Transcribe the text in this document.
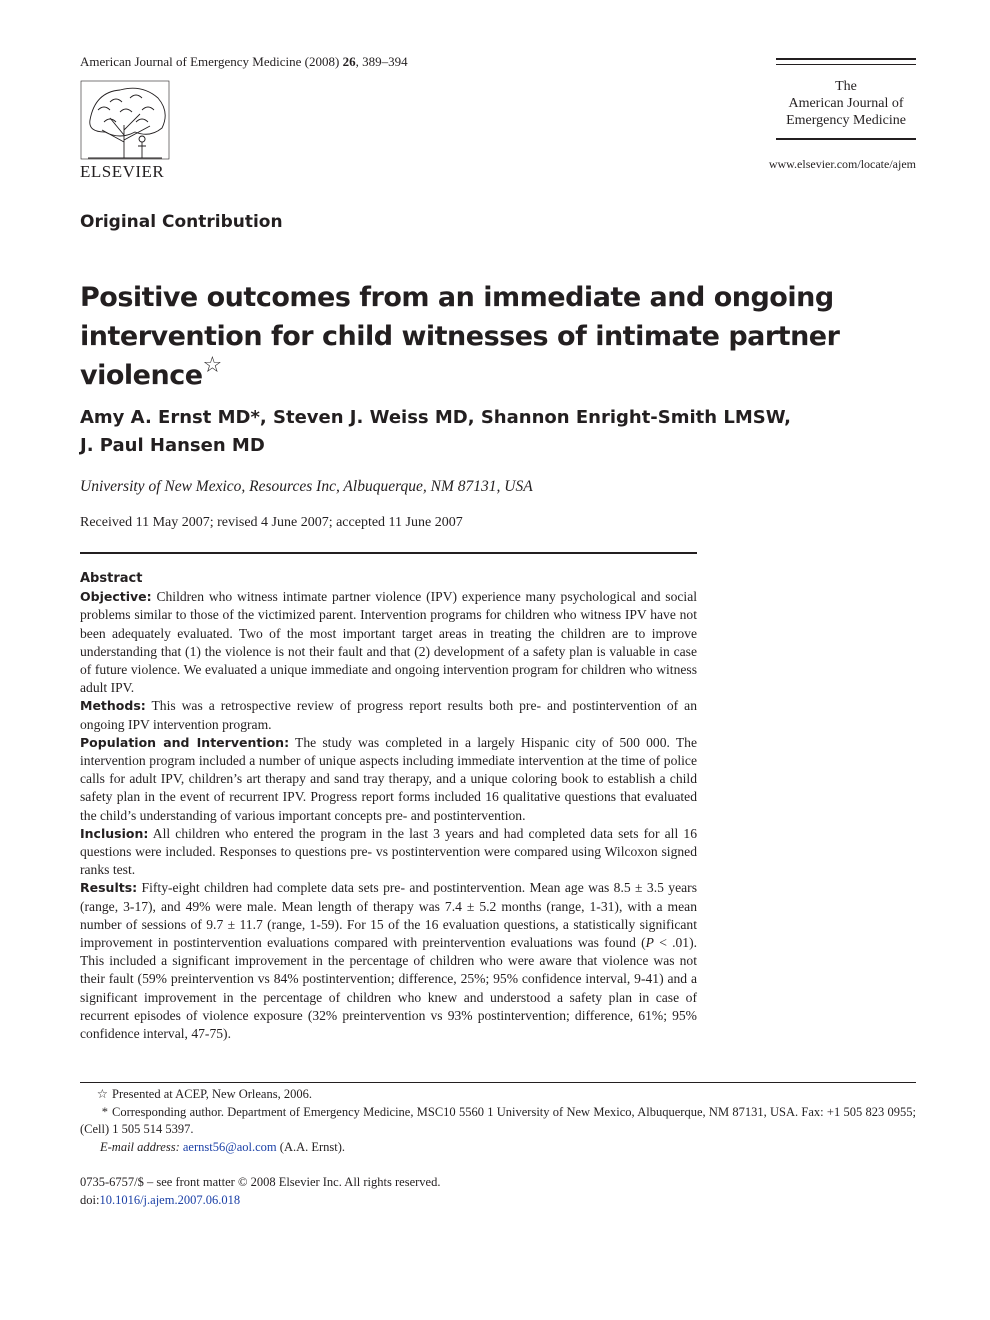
American Journal of Emergency Medicine (2008) 26, 389–394
ELSEVIER
The
American Journal of
Emergency Medicine
www.elsevier.com/locate/ajem
Original Contribution
Positive outcomes from an immediate and ongoing intervention for child witnesses of intimate partner violence☆
Amy A. Ernst MD*, Steven J. Weiss MD, Shannon Enright-Smith LMSW,
J. Paul Hansen MD
University of New Mexico, Resources Inc, Albuquerque, NM 87131, USA
Received 11 May 2007; revised 4 June 2007; accepted 11 June 2007
Abstract

Objective: Children who witness intimate partner violence (IPV) experience many psychological and social problems similar to those of the victimized parent. Intervention programs for children who witness IPV have not been adequately evaluated. Two of the most important target areas in treating the children are to improve understanding that (1) the violence is not their fault and that (2) development of a safety plan is valuable in case of future violence. We evaluated a unique immediate and ongoing intervention program for children who witness adult IPV.

Methods: This was a retrospective review of progress report results both pre- and postintervention of an ongoing IPV intervention program.

Population and Intervention: The study was completed in a largely Hispanic city of 500 000. The intervention program included a number of unique aspects including immediate intervention at the time of police calls for adult IPV, children’s art therapy and sand tray therapy, and a unique coloring book to establish a child safety plan in the event of recurrent IPV. Progress report forms included 16 qualitative questions that evaluated the child’s understanding of various important concepts pre- and postintervention.

Inclusion: All children who entered the program in the last 3 years and had completed data sets for all 16 questions were included. Responses to questions pre- vs postintervention were compared using Wilcoxon signed ranks test.

Results: Fifty-eight children had complete data sets pre- and postintervention. Mean age was 8.5 ± 3.5 years (range, 3-17), and 49% were male. Mean length of therapy was 7.4 ± 5.2 months (range, 1-31), with a mean number of sessions of 9.7 ± 11.7 (range, 1-59). For 15 of the 16 evaluation questions, a statistically significant improvement in postintervention evaluations compared with preintervention evaluations was found (P < .01). This included a significant improvement in the percentage of children who were aware that violence was not their fault (59% preintervention vs 84% postintervention; difference, 25%; 95% confidence interval, 9-41) and a significant improvement in the percentage of children who knew and understood a safety plan in case of recurrent episodes of violence exposure (32% preintervention vs 93% postintervention; difference, 61%; 95% confidence interval, 47-75).

☆ Presented at ACEP, New Orleans, 2006.

* Corresponding author. Department of Emergency Medicine, MSC10 5560 1 University of New Mexico, Albuquerque, NM 87131, USA. Fax: +1 505 823 0955; (Cell) 1 505 514 5397.

E-mail address: aernst56@aol.com (A.A. Ernst).

0735-6757/$ – see front matter © 2008 Elsevier Inc. All rights reserved.
doi:10.1016/j.ajem.2007.06.018
